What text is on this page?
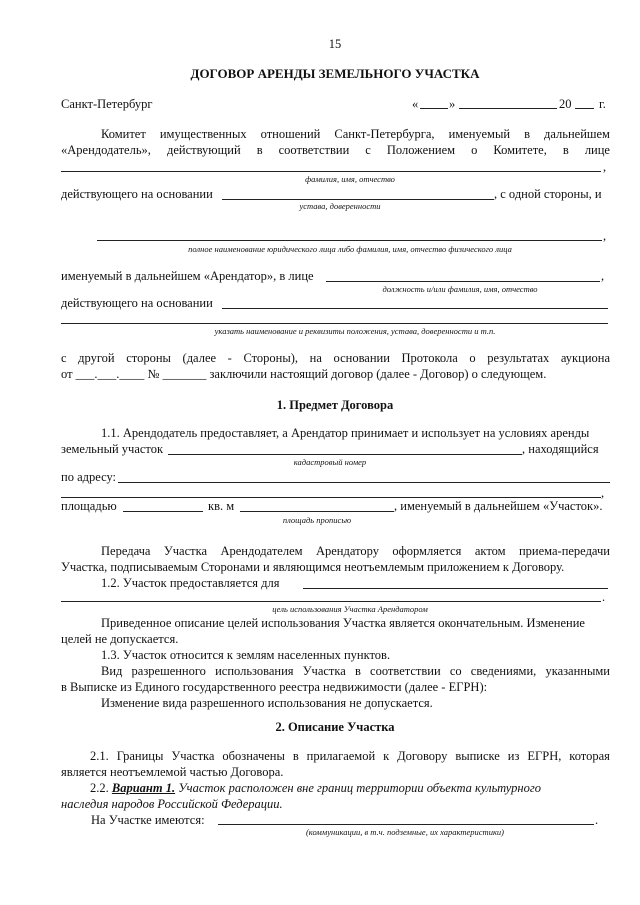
15
ДОГОВОР АРЕНДЫ ЗЕМЕЛЬНОГО УЧАСТКА
Санкт-Петербург	« »	20 г.
Комитет имущественных отношений Санкт-Петербурга, именуемый в дальнейшем
«Арендодатель», действующий в соответствии с Положением о Комитете, в лице
,
фамилия, имя, отчество
действующего на основании	, с одной стороны, и
устава, доверенности
,
полное наименование юридического лица либо фамилия, имя, отчество физического лица
именуемый в дальнейшем «Арендатор», в лице	,
должность и/или фамилия, имя, отчество
действующего на основании
указать наименование и реквизиты положения, устава, доверенности и т.п.
с другой стороны (далее - Стороны), на основании Протокола о результатах аукциона
от ___.___.____ № _______ заключили настоящий договор (далее - Договор) о следующем.
1. Предмет Договора
1.1. Арендодатель предоставляет, а Арендатор принимает и использует на условиях аренды
земельный участок	, находящийся
кадастровый номер
по адресу:
,
площадью	кв. м	, именуемый в дальнейшем «Участок».
площадь прописью
Передача Участка Арендодателем Арендатору оформляется актом приема-передачи
Участка, подписываемым Сторонами и являющимся неотъемлемым приложением к Договору.
1.2. Участок предоставляется для
.
цель использования Участка Арендатором
Приведенное описание целей использования Участка является окончательным. Изменение
целей не допускается.
1.3. Участок относится к землям населенных пунктов.
Вид разрешенного использования Участка в соответствии со сведениями, указанными
в Выписке из Единого государственного реестра недвижимости (далее - ЕГРН):
Изменение вида разрешенного использования не допускается.
2. Описание Участка
2.1. Границы Участка обозначены в прилагаемой к Договору выписке из ЕГРН, которая
является неотъемлемой частью Договора.
2.2. Вариант 1. Участок расположен вне границ территории объекта культурного
наследия народов Российской Федерации.
На Участке имеются:	.
(коммуникации, в т.ч. подземные, их характеристики)
